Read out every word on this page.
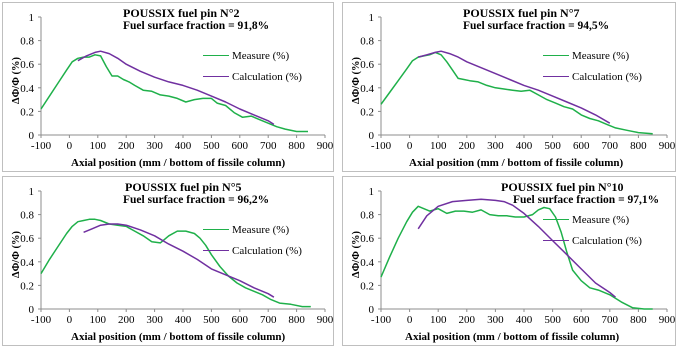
-100 0 100 200 300 400 500 600 700 800 900
0
0.2
0.4
0.6
0.8
1	POUSSIX fuel pin N°2
Fuel surface fraction = 91,8%
Axial position (mm / bottom of fissile column)
ΔΦ/Φ (%)
Measure (%)
Calculation (%)
-100 0 100 200 300 400 500 600 700 800 900
0
0.2
0.4
0.6
0.8
1	POUSSIX fuel pin N°7
Fuel surface fraction = 94,5%
Axial position (mm / bottom of fissile column)
ΔΦ/Φ (%)
Measure (%)
Calculation (%)
-100 0 100 200 300 400 500 600 700 800 900
0
0.2
0.4
0.6
0.8
1	POUSSIX fuel pin N°5
Fuel surface fraction = 96,2%
Axial position (mm / bottom of fissile column)
ΔΦ/Φ (%)
Measure (%)
Calculation (%)
-100 0 100 200 300 400 500 600 700 800 900
0
0.2
0.4
0.6
0.8
1	POUSSIX fuel pin N°10
Fuel surface fraction = 97,1%
Axial position (mm / bottom of fissile column)
ΔΦ/Φ (%)
Measure (%)
Calculation (%)
